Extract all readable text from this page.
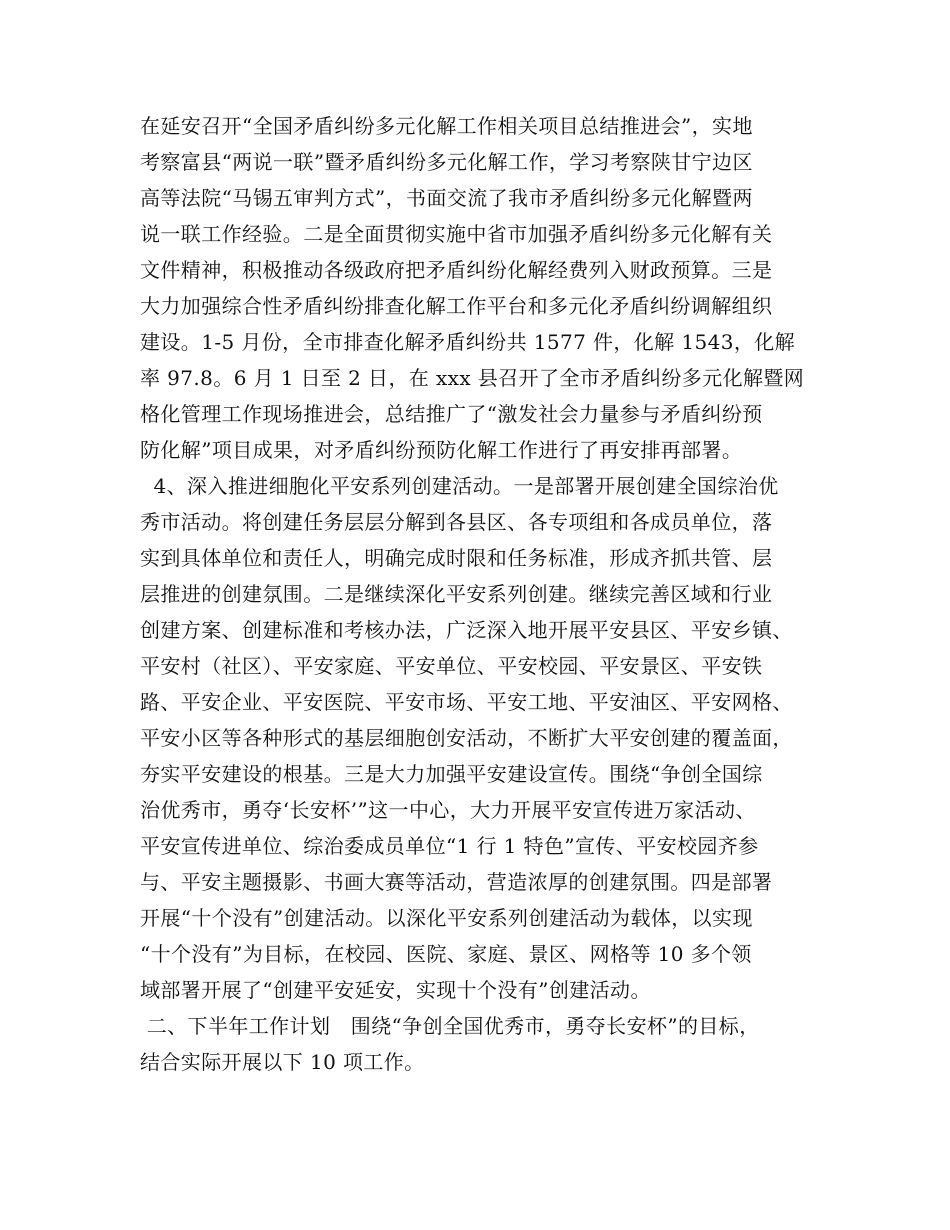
在延安召开“全国矛盾纠纷多元化解工作相关项目总结推进会”，实地
考察富县“两说一联”暨矛盾纠纷多元化解工作，学习考察陕甘宁边区
高等法院“马锡五审判方式”，书面交流了我市矛盾纠纷多元化解暨两
说一联工作经验。二是全面贯彻实施中省市加强矛盾纠纷多元化解有关
文件精神，积极推动各级政府把矛盾纠纷化解经费列入财政预算。三是
大力加强综合性矛盾纠纷排查化解工作平台和多元化矛盾纠纷调解组织
建设。1-5 月份，全市排查化解矛盾纠纷共 1577 件，化解 1543，化解
率 97.8。6 月 1 日至 2 日，在 xxx 县召开了全市矛盾纠纷多元化解暨网
格化管理工作现场推进会，总结推广了“激发社会力量参与矛盾纠纷预
防化解”项目成果，对矛盾纠纷预防化解工作进行了再安排再部署。
4、深入推进细胞化平安系列创建活动。一是部署开展创建全国综治优
秀市活动。将创建任务层层分解到各县区、各专项组和各成员单位，落
实到具体单位和责任人，明确完成时限和任务标准，形成齐抓共管、层
层推进的创建氛围。二是继续深化平安系列创建。继续完善区域和行业
创建方案、创建标准和考核办法，广泛深入地开展平安县区、平安乡镇、
平安村（社区）、平安家庭、平安单位、平安校园、平安景区、平安铁
路、平安企业、平安医院、平安市场、平安工地、平安油区、平安网格、
平安小区等各种形式的基层细胞创安活动，不断扩大平安创建的覆盖面，
夯实平安建设的根基。三是大力加强平安建设宣传。围绕“争创全国综
治优秀市，勇夺‘长安杯’”这一中心，大力开展平安宣传进万家活动、
平安宣传进单位、综治委成员单位“1 行 1 特色”宣传、平安校园齐参
与、平安主题摄影、书画大赛等活动，营造浓厚的创建氛围。四是部署
开展“十个没有”创建活动。以深化平安系列创建活动为载体，以实现
“十个没有”为目标，在校园、医院、家庭、景区、网格等 10 多个领
域部署开展了“创建平安延安，实现十个没有”创建活动。
二、下半年工作计划　围绕“争创全国优秀市，勇夺长安杯”的目标，
结合实际开展以下 10 项工作。
